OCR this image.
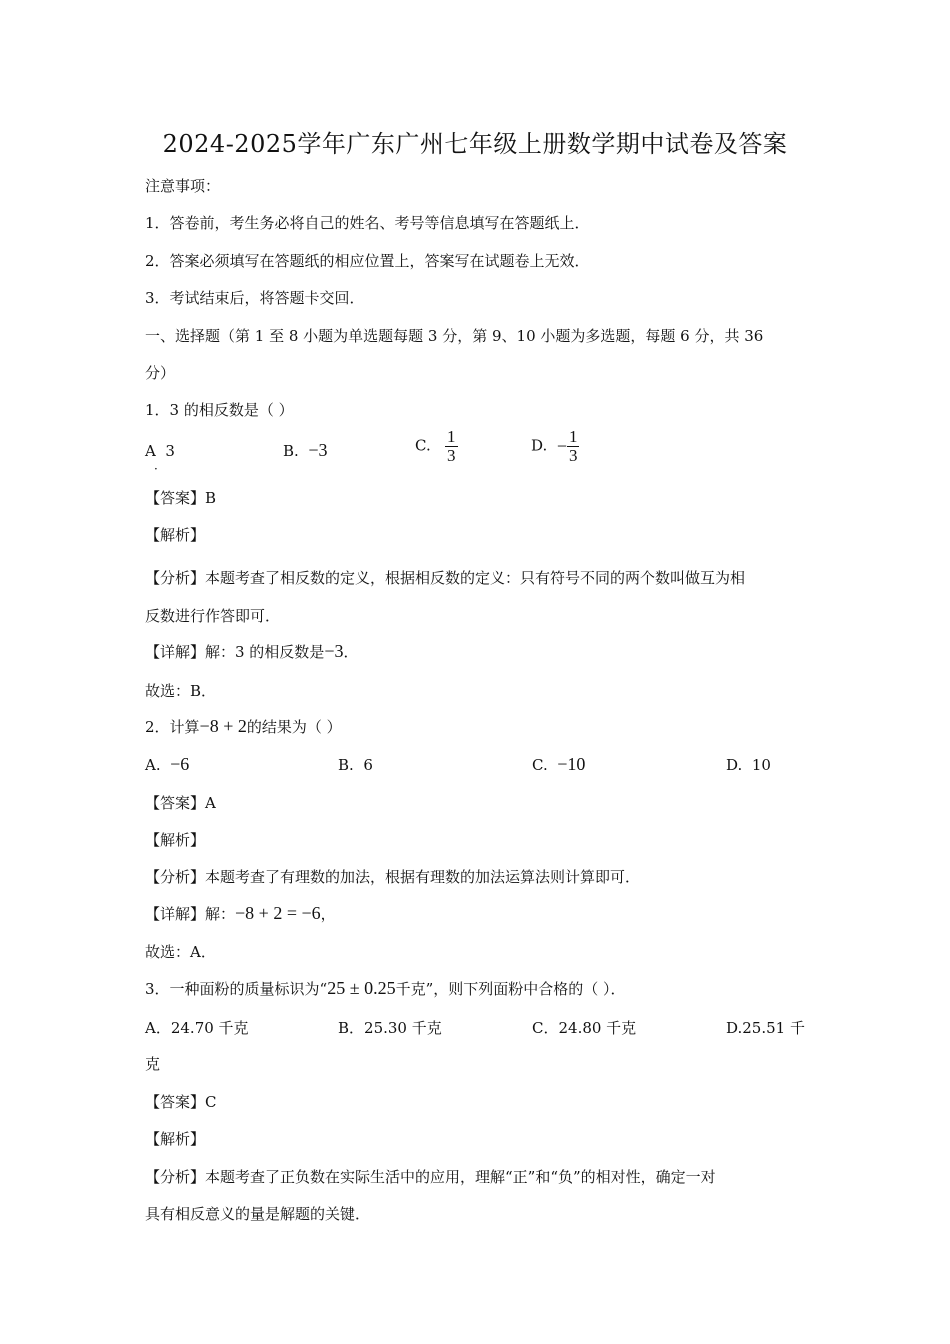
2024-2025学年广东广州七年级上册数学期中试卷及答案
注意事项：
1．答卷前，考生务必将自己的姓名、考号等信息填写在答题纸上．
2．答案必须填写在答题纸的相应位置上，答案写在试题卷上无效．
3．考试结束后，将答题卡交回．
一、选择题（第 1 至 8 小题为单选题每题 3 分，第 9、10 小题为多选题，每题 6 分，共 36
分）
1．3 的相反数是（ ）
A 3
·
B. −3	C. $\frac{1}{3}$	D. − $\frac{1}{3}$
【答案】B
【解析】
【分析】本题考查了相反数的定义，根据相反数的定义：只有符号不同的两个数叫做互为相
反数进行作答即可．
【详解】解：3 的相反数是−3．
故选：B．
2．计算−8 + 2的结果为（ ）
A. −6	B. 6	C. −10	D. 10
【答案】A
【解析】
【分析】本题考查了有理数的加法，根据有理数的加法运算法则计算即可．
【详解】解：−8 + 2 = −6，
故选：A．
3．一种面粉的质量标识为“25 ± 0.25千克”，则下列面粉中合格的（ ）．
A．24.70 千克	B．25.30 千克	C．24.80 千克	D.25.51 千
克
【答案】C
【解析】
【分析】本题考查了正负数在实际生活中的应用，理解“正”和“负”的相对性，确定一对
具有相反意义的量是解题的关键．
